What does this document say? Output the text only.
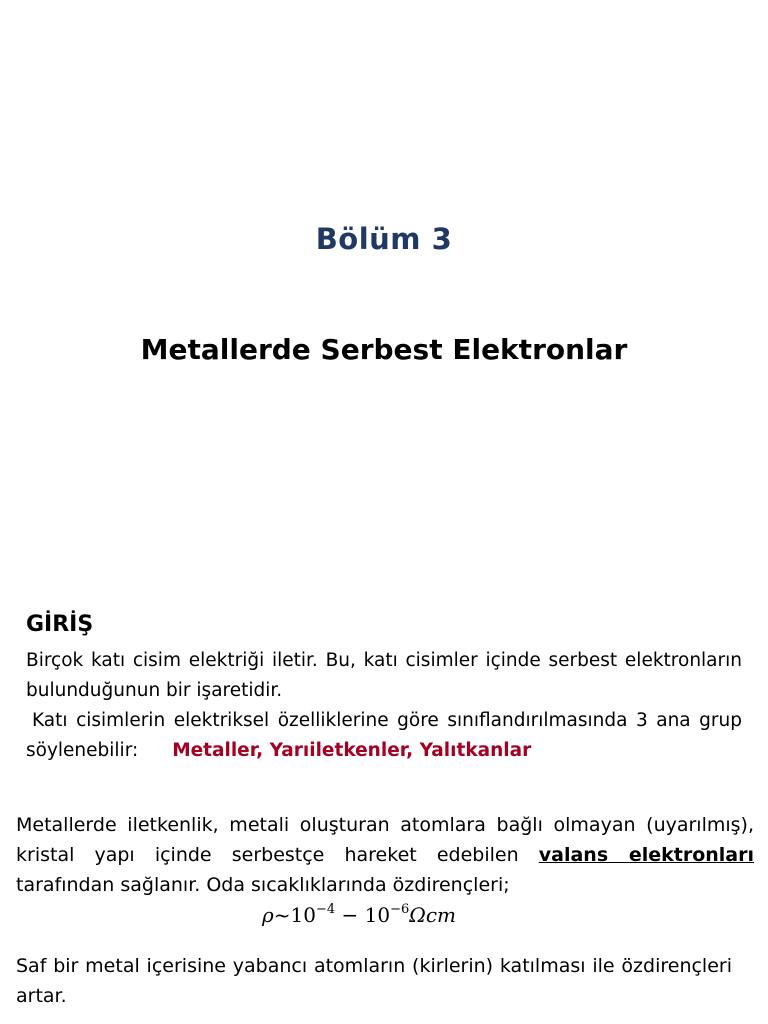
Bölüm 3
Metallerde Serbest Elektronlar
GİRİŞ
Birçok katı cisim elektriği iletir. Bu, katı cisimler içinde serbest elektronların bulunduğunun bir işaretidir.
Katı cisimlerin elektriksel özelliklerine göre sınıflandırılmasında 3 ana grup söylenebilir: Metaller, Yarıiletkenler, Yalıtkanlar
Metallerde iletkenlik, metali oluşturan atomlara bağlı olmayan (uyarılmış), kristal yapı içinde serbestçe hareket edebilen valans elektronları tarafından sağlanır. Oda sıcaklıklarında özdirençleri;
$\rho\sim 10^{-4} - 10^{-6}\Omega cm$
Saf bir metal içerisine yabancı atomların (kirlerin) katılması ile özdirençleri artar.
